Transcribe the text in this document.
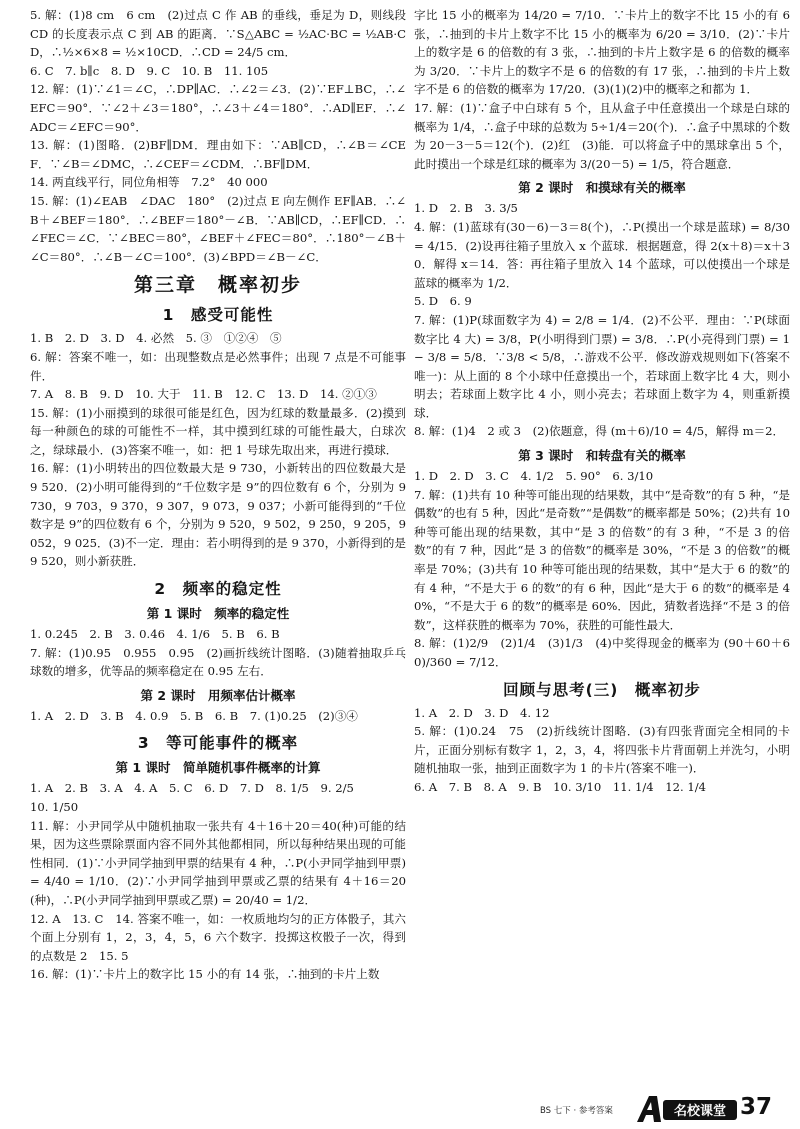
5. 解：(1)8 cm　6 cm　(2)过点 C 作 AB 的垂线，垂足为 D，则线段 CD 的长度表示点 C 到 AB 的距离．∵S△ABC = ½AC·BC = ½AB·CD，∴½×6×8 = ½×10CD．∴CD = 24/5 cm．

6. C　7. b∥c　8. D　9. C　10. B　11. 105

12. 解：(1)∵∠1＝∠C，∴DP∥AC．∴∠2＝∠3．(2)∵EF⊥BC，∴∠EFC＝90°．∵∠2＋∠3＝180°，∴∠3＋∠4＝180°．∴AD∥EF．∴∠ADC＝∠EFC＝90°．

13. 解：(1)图略．(2)BF∥DM．理由如下：∵AB∥CD，∴∠B＝∠CEF．∵∠B＝∠DMC，∴∠CEF＝∠CDM．∴BF∥DM．

14. 两直线平行，同位角相等　7.2°　40 000

15. 解：(1)∠EAB　∠DAC　180°　(2)过点 E 向左侧作 EF∥AB．∴∠B＋∠BEF＝180°．∴∠BEF＝180°－∠B．∵AB∥CD，∴EF∥CD．∴∠FEC＝∠C．∵∠BEC＝80°，∠BEF＋∠FEC＝80°．∴180°－∠B＋∠C＝80°．∴∠B－∠C＝100°．(3)∠BPD＝∠B－∠C．

第三章　概率初步
1　感受可能性

1. B　2. D　3. D　4. 必然　5. ③　①②④　⑤

6. 解：答案不唯一，如：出现整数点是必然事件；出现 7 点是不可能事件．

7. A　8. B　9. D　10. 大于　11. B　12. C　13. D　14. ②①③

15. 解：(1)小丽摸到的球很可能是红色，因为红球的数量最多．(2)摸到每一种颜色的球的可能性不一样，其中摸到红球的可能性最大，白球次之，绿球最小．(3)答案不唯一，如：把 1 号球先取出来，再进行摸球．

16. 解：(1)小明转出的四位数最大是 9 730，小新转出的四位数最大是 9 520．(2)小明可能得到的“千位数字是 9”的四位数有 6 个，分别为 9 730，9 703，9 370，9 307，9 073，9 037；小新可能得到的“千位数字是 9”的四位数有 6 个，分别为 9 520，9 502，9 250，9 205，9 052，9 025．(3)不一定．理由：若小明得到的是 9 370，小新得到的是 9 520，则小新获胜．

2　频率的稳定性
第 1 课时　频率的稳定性

1. 0.245　2. B　3. 0.46　4. 1/6　5. B　6. B

7. 解：(1)0.95　0.955　0.95　(2)画折线统计图略．(3)随着抽取乒乓球数的增多，优等品的频率稳定在 0.95 左右．

第 2 课时　用频率估计概率

1. A　2. D　3. B　4. 0.9　5. B　6. B　7. (1)0.25　(2)③④

3　等可能事件的概率
第 1 课时　简单随机事件概率的计算

1. A　2. B　3. A　4. A　5. C　6. D　7. D　8. 1/5　9. 2/5

10. 1/50

11. 解：小尹同学从中随机抽取一张共有 4＋16＋20＝40(种)可能的结果，因为这些票除票面内容不同外其他都相同，所以每种结果出现的可能性相同．(1)∵小尹同学抽到甲票的结果有 4 种，∴P(小尹同学抽到甲票) = 4/40 = 1/10．(2)∵小尹同学抽到甲票或乙票的结果有 4＋16＝20(种)，∴P(小尹同学抽到甲票或乙票) = 20/40 = 1/2．

12. A　13. C　14. 答案不唯一，如：一枚质地均匀的正方体骰子，其六个面上分别有 1，2，3，4，5，6 六个数字．投掷这枚骰子一次，得到的点数是 2　15. 5

16. 解：(1)∵卡片上的数字比 15 小的有 14 张，∴抽到的卡片上数

字比 15 小的概率为 14/20 = 7/10．∵卡片上的数字不比 15 小的有 6 张，∴抽到的卡片上数字不比 15 小的概率为 6/20 = 3/10．(2)∵卡片上的数字是 6 的倍数的有 3 张，∴抽到的卡片上数字是 6 的倍数的概率为 3/20．∵卡片上的数字不是 6 的倍数的有 17 张，∴抽到的卡片上数字不是 6 的倍数的概率为 17/20．(3)(1)(2)中的概率之和都为 1．

17. 解：(1)∵盒子中白球有 5 个，且从盒子中任意摸出一个球是白球的概率为 1/4，∴盒子中球的总数为 5÷1/4＝20(个)．∴盒子中黑球的个数为 20－3－5＝12(个)．(2)红　(3)能．可以将盒子中的黑球拿出 5 个，此时摸出一个球是红球的概率为 3/(20－5) = 1/5，符合题意．

第 2 课时　和摸球有关的概率

1. D　2. B　3. 3/5

4. 解：(1)蓝球有(30－6)－3＝8(个)，∴P(摸出一个球是蓝球) = 8/30 = 4/15．(2)设再往箱子里放入 x 个蓝球．根据题意，得 2(x＋8)＝x＋30．解得 x＝14．答：再往箱子里放入 14 个蓝球，可以使摸出一个球是蓝球的概率为 1/2．

5. D　6. 9

7. 解：(1)P(球面数字为 4) = 2/8 = 1/4．(2)不公平．理由：∵P(球面数字比 4 大) = 3/8，P(小明得到门票) = 3/8．∴P(小亮得到门票) = 1 − 3/8 = 5/8．∵3/8 < 5/8，∴游戏不公平．修改游戏规则如下(答案不唯一)：从上面的 8 个小球中任意摸出一个，若球面上数字比 4 大，则小明去；若球面上数字比 4 小，则小亮去；若球面上数字为 4，则重新摸球．

8. 解：(1)4　2 或 3　(2)依题意，得 (m＋6)/10 = 4/5，解得 m＝2．

第 3 课时　和转盘有关的概率

1. D　2. D　3. C　4. 1/2　5. 90°　6. 3/10

7. 解：(1)共有 10 种等可能出现的结果数，其中“是奇数”的有 5 种，“是偶数”的也有 5 种，因此“是奇数”“是偶数”的概率都是 50%；(2)共有 10 种等可能出现的结果数，其中“是 3 的倍数”的有 3 种，“不是 3 的倍数”的有 7 种，因此“是 3 的倍数”的概率是 30%，“不是 3 的倍数”的概率是 70%；(3)共有 10 种等可能出现的结果数，其中“是大于 6 的数”的有 4 种，“不是大于 6 的数”的有 6 种，因此“是大于 6 的数”的概率是 40%，“不是大于 6 的数”的概率是 60%．因此，猜数者选择“不是 3 的倍数”，这样获胜的概率为 70%，获胜的可能性最大．

8. 解：(1)2/9　(2)1/4　(3)1/3　(4)中奖得现金的概率为 (90＋60＋60)/360 = 7/12．

回顾与思考(三)　概率初步

1. A　2. D　3. D　4. 12

5. 解：(1)0.24　75　(2)折线统计图略．(3)有四张背面完全相同的卡片，正面分别标有数字 1，2，3，4，将四张卡片背面朝上并洗匀，小明随机抽取一张，抽到正面数字为 1 的卡片(答案不唯一)．

6. A　7. B　8. A　9. B　10. 3/10　11. 1/4　12. 1/4

BS 七下 · 参考答案	名校课堂 37
